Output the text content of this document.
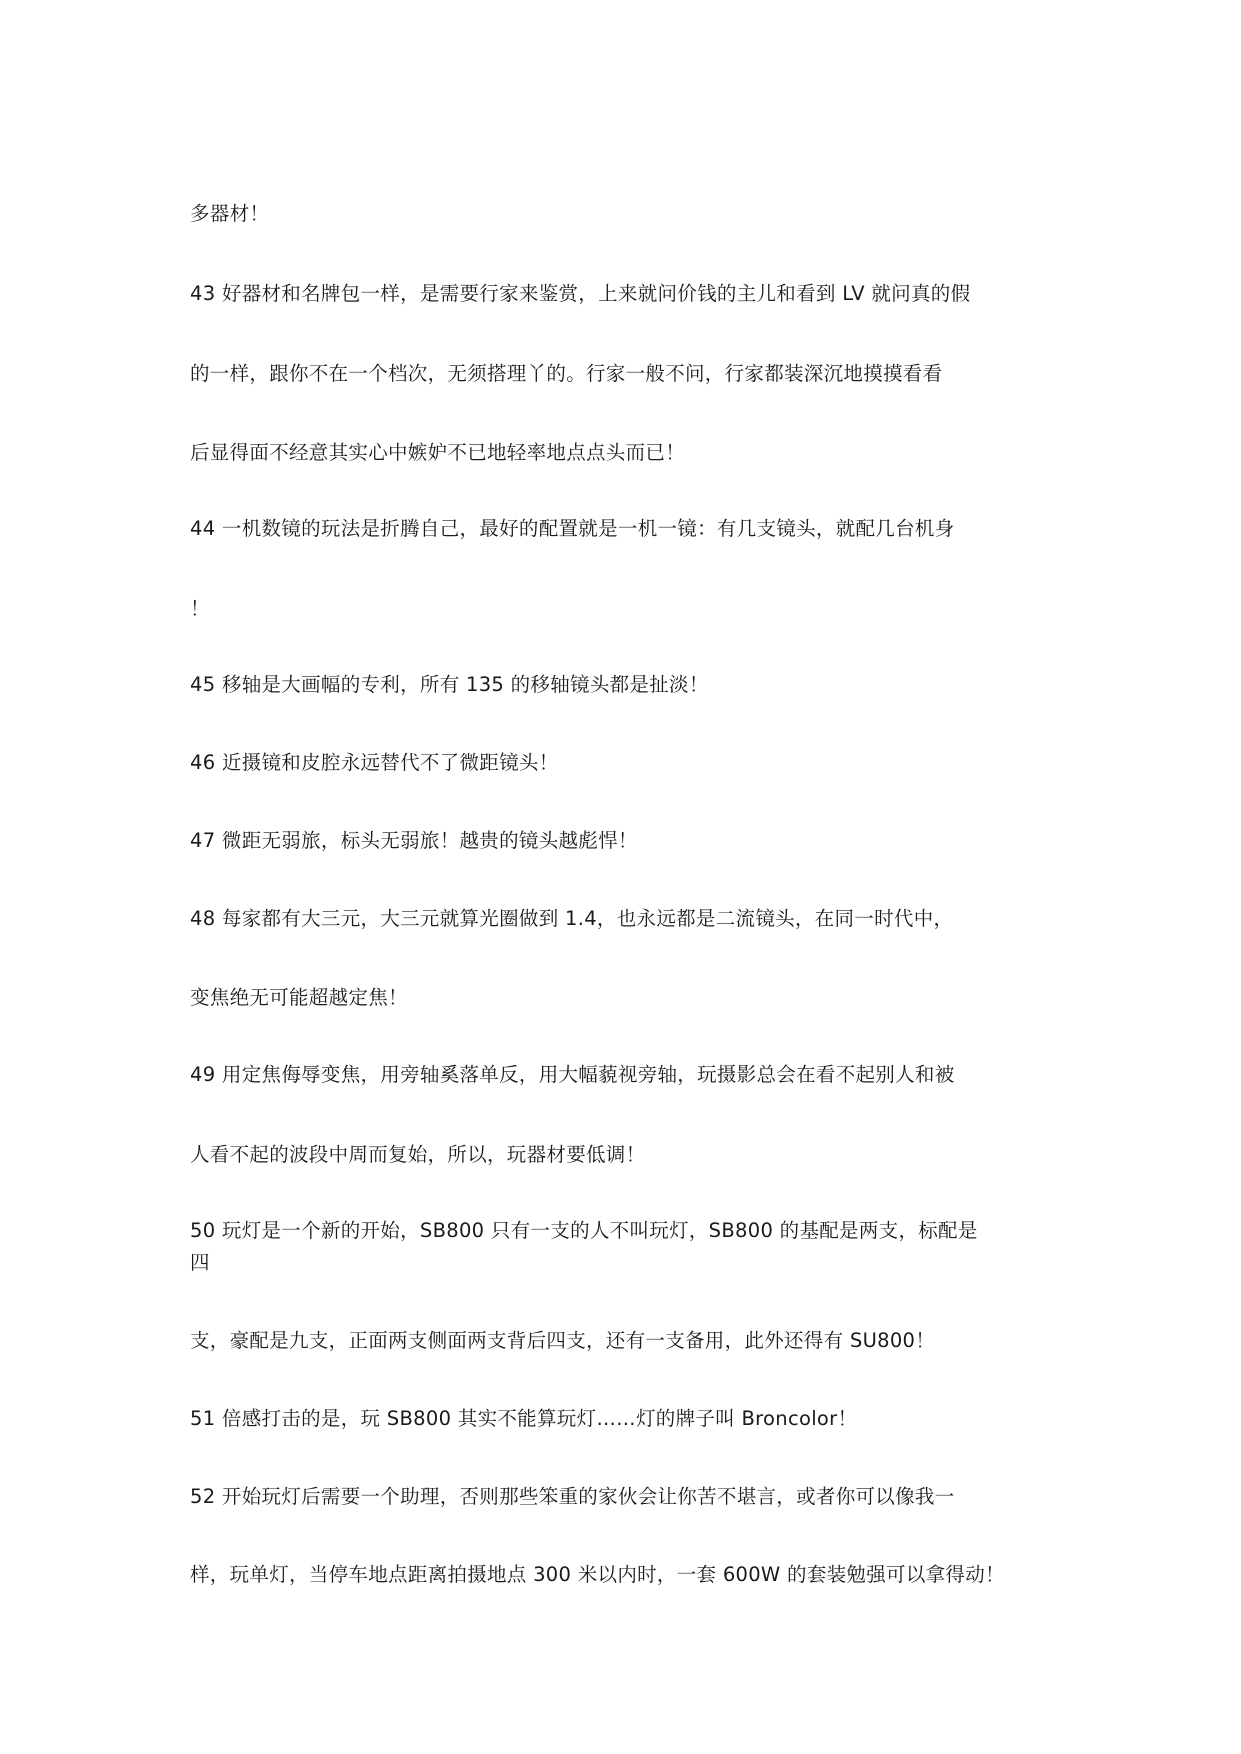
多器材！
43 好器材和名牌包一样，是需要行家来鉴赏，上来就问价钱的主儿和看到 LV 就问真的假
的一样，跟你不在一个档次，无须搭理丫的。行家一般不问，行家都装深沉地摸摸看看
后显得面不经意其实心中嫉妒不已地轻率地点点头而已！
44 一机数镜的玩法是折腾自己，最好的配置就是一机一镜：有几支镜头，就配几台机身
！
45 移轴是大画幅的专利，所有 135 的移轴镜头都是扯淡！
46 近摄镜和皮腔永远替代不了微距镜头！
47 微距无弱旅，标头无弱旅！越贵的镜头越彪悍！
48 每家都有大三元，大三元就算光圈做到 1.4，也永远都是二流镜头，在同一时代中，
变焦绝无可能超越定焦！
49 用定焦侮辱变焦，用旁轴奚落单反，用大幅藐视旁轴，玩摄影总会在看不起别人和被
人看不起的波段中周而复始，所以，玩器材要低调！
50 玩灯是一个新的开始，SB800 只有一支的人不叫玩灯，SB800 的基配是两支，标配是
四
支，豪配是九支，正面两支侧面两支背后四支，还有一支备用，此外还得有 SU800！
51 倍感打击的是，玩 SB800 其实不能算玩灯……灯的牌子叫 Broncolor！
52 开始玩灯后需要一个助理，否则那些笨重的家伙会让你苦不堪言，或者你可以像我一
样，玩单灯，当停车地点距离拍摄地点 300 米以内时，一套 600W 的套装勉强可以拿得动！
